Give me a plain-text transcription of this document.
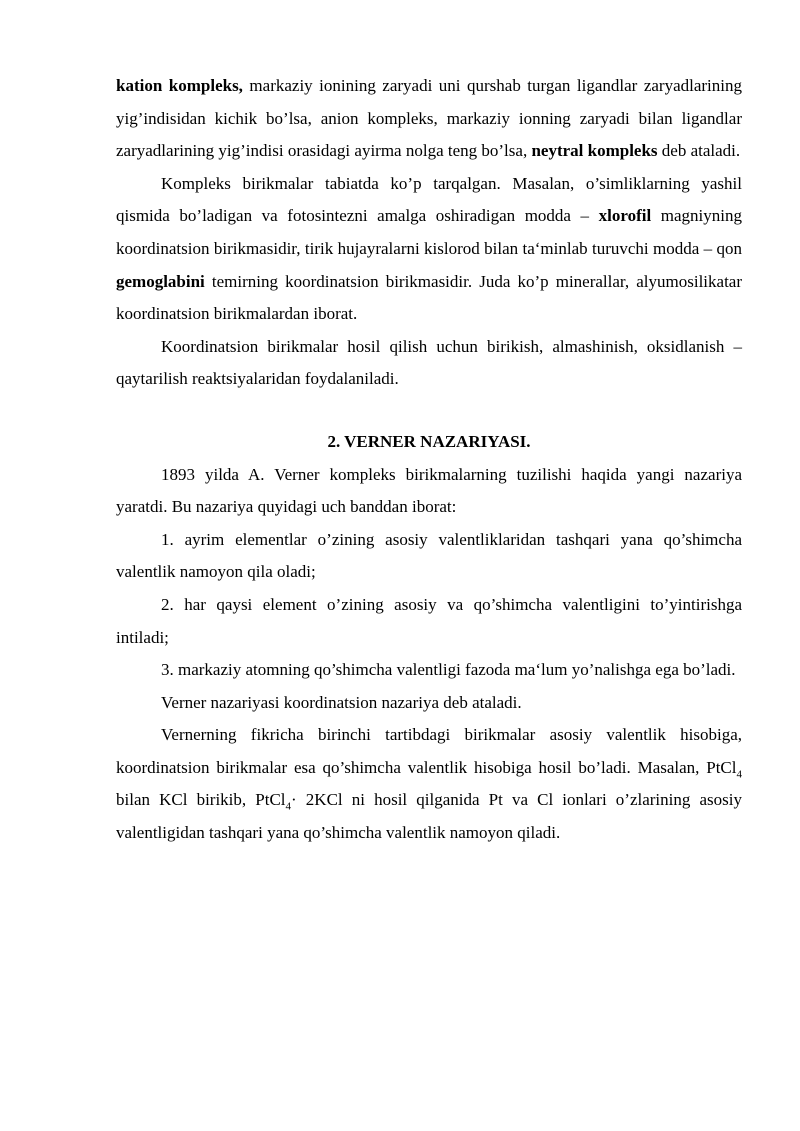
kation kompleks, markaziy ionining zaryadi uni qurshab turgan ligandlar zaryadlarining yig’indisidan kichik bo’lsa, anion kompleks, markaziy ionning zaryadi bilan ligandlar zaryadlarining yig’indisi orasidagi ayirma nolga teng bo’lsa, neytral kompleks deb ataladi.

Kompleks birikmalar tabiatda ko’p tarqalgan. Masalan, o’simliklarning yashil qismida bo’ladigan va fotosintezni amalga oshiradigan modda – xlorofil magniyning koordinatsion birikmasidir, tirik hujayralarni kislorod bilan ta‘minlab turuvchi modda – qon gemoglabini temirning koordinatsion birikmasidir. Juda ko’p minerallar, alyumosilikatar koordinatsion birikmalardan iborat.

Koordinatsion birikmalar hosil qilish uchun birikish, almashinish, oksidlanish – qaytarilish reaktsiyalaridan foydalaniladi.

2. VERNER NAZARIYASI.

1893 yilda A. Verner kompleks birikmalarning tuzilishi haqida yangi nazariya yaratdi. Bu nazariya quyidagi uch banddan iborat:

1. ayrim elementlar o’zining asosiy valentliklaridan tashqari yana qo’shimcha valentlik namoyon qila oladi;

2. har qaysi element o’zining asosiy va qo’shimcha valentligini to’yintirishga intiladi;

3. markaziy atomning qo’shimcha valentligi fazoda ma‘lum yo’nalishga ega bo’ladi.

Verner nazariyasi koordinatsion nazariya deb ataladi.

Vernerning fikricha birinchi tartibdagi birikmalar asosiy valentlik hisobiga, koordinatsion birikmalar esa qo’shimcha valentlik hisobiga hosil bo’ladi. Masalan, PtCl$_4$ bilan KCl birikib, PtCl$_4$· 2KCl ni hosil qilganida Pt va Cl ionlari o’zlarining asosiy valentligidan tashqari yana qo’shimcha valentlik namoyon qiladi.
